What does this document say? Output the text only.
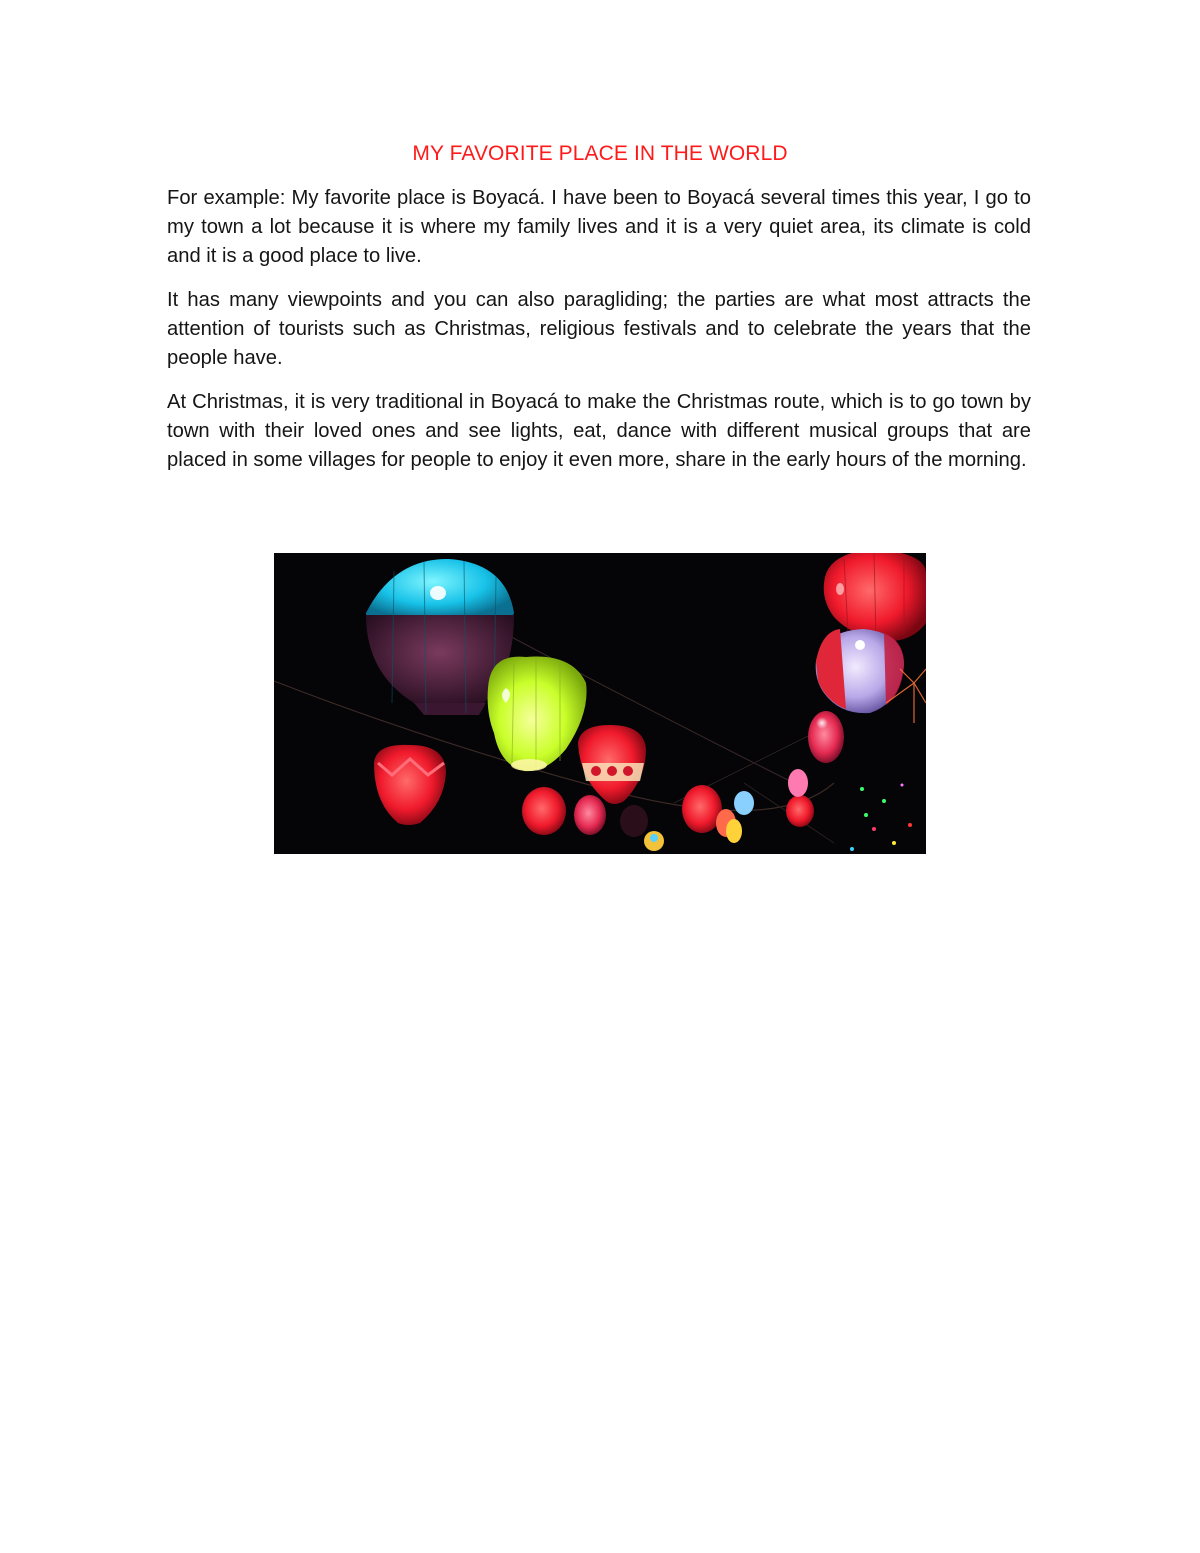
MY FAVORITE PLACE IN THE WORLD

For example: My favorite place is Boyacá. I have been to Boyacá several times this year, I go to my town a lot because it is where my family lives and it is a very quiet area, its climate is cold and it is a good place to live.

It has many viewpoints and you can also paragliding; the parties are what most attracts the attention of tourists such as Christmas, religious festivals and to celebrate the years that the people have.

At Christmas, it is very traditional in Boyacá to make the Christmas route, which is to go town by town with their loved ones and see lights, eat, dance with different musical groups that are placed in some villages for people to enjoy it even more, share in the early hours of the morning.
